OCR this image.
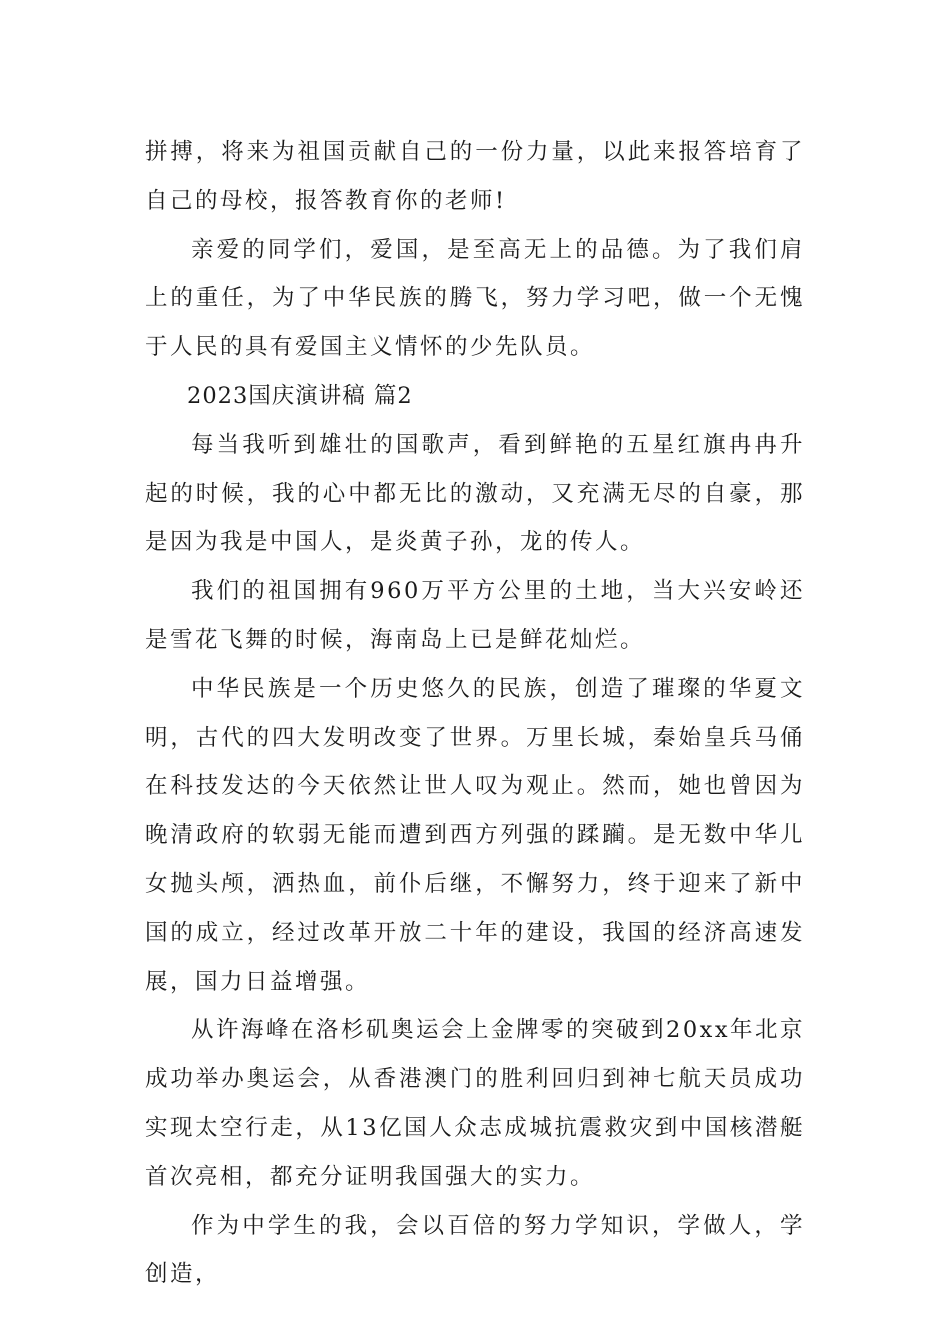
拼搏，将来为祖国贡献自己的一份力量，以此来报答培育了自己的母校，报答教育你的老师!

亲爱的同学们，爱国，是至高无上的品德。为了我们肩上的重任，为了中华民族的腾飞，努力学习吧，做一个无愧于人民的具有爱国主义情怀的少先队员。

2023国庆演讲稿 篇2

每当我听到雄壮的国歌声，看到鲜艳的五星红旗冉冉升起的时候，我的心中都无比的激动，又充满无尽的自豪，那是因为我是中国人，是炎黄子孙，龙的传人。

我们的祖国拥有960万平方公里的土地，当大兴安岭还是雪花飞舞的时候，海南岛上已是鲜花灿烂。

中华民族是一个历史悠久的民族，创造了璀璨的华夏文明，古代的四大发明改变了世界。万里长城，秦始皇兵马俑在科技发达的今天依然让世人叹为观止。然而，她也曾因为晚清政府的软弱无能而遭到西方列强的蹂躏。是无数中华儿女抛头颅，洒热血，前仆后继，不懈努力，终于迎来了新中国的成立，经过改革开放二十年的建设，我国的经济高速发展，国力日益增强。

从许海峰在洛杉矶奥运会上金牌零的突破到20xx年北京成功举办奥运会，从香港澳门的胜利回归到神七航天员成功实现太空行走，从13亿国人众志成城抗震救灾到中国核潜艇首次亮相，都充分证明我国强大的实力。

作为中学生的我，会以百倍的努力学知识，学做人，学创造，
